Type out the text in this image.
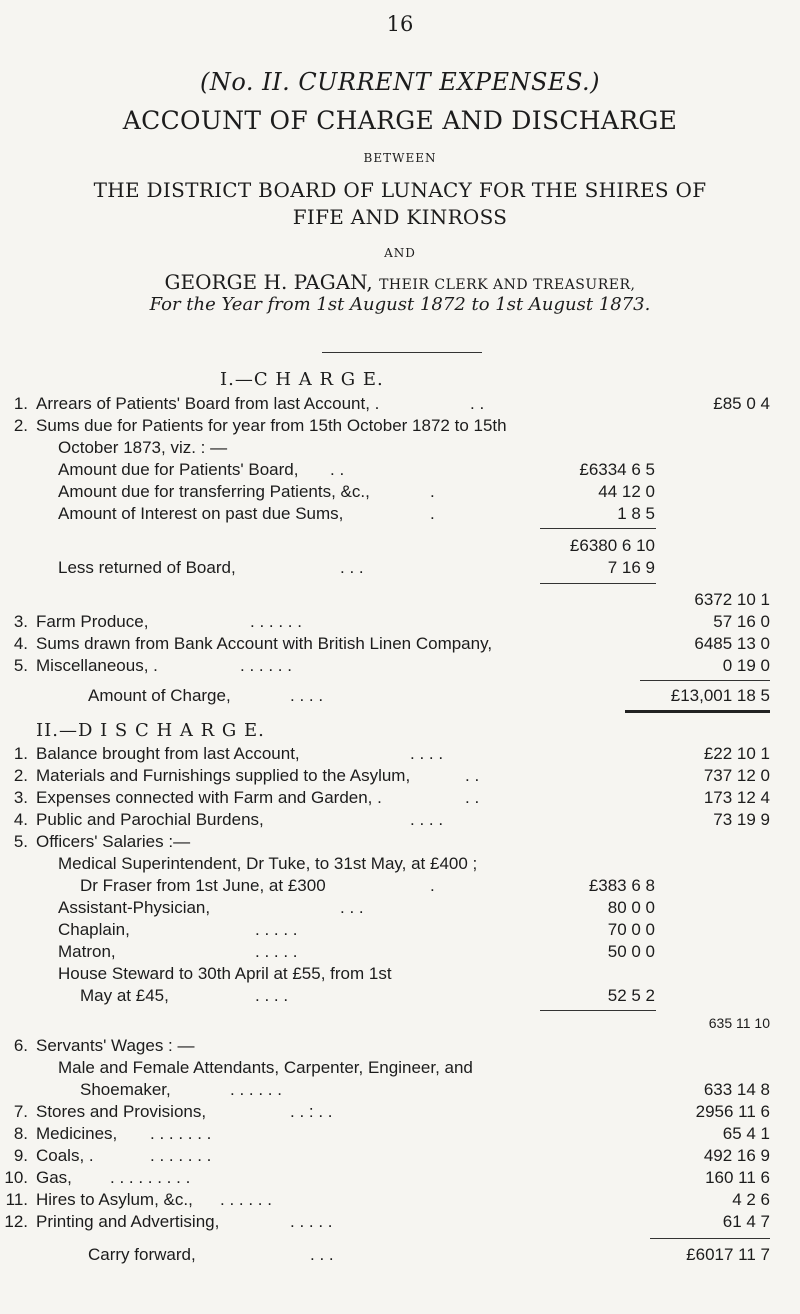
16
(No. II. CURRENT EXPENSES.)
ACCOUNT OF CHARGE AND DISCHARGE
BETWEEN
THE DISTRICT BOARD OF LUNACY FOR THE SHIRES OF
FIFE AND KINROSS
AND
GEORGE H. PAGAN, THEIR CLERK AND TREASURER,
For the Year from 1st August 1872 to 1st August 1873.
I.—C H A R G E.
1. Arrears of Patients' Board from last Account, .	. .	£85 0 4
2. Sums due for Patients for year from 15th October 1872 to 15th
October 1873, viz. : —
Amount due for Patients' Board, . .	£6334 6 5
Amount due for transferring Patients, &c.,	.	44 12 0
Amount of Interest on past due Sums,	.	1 8 5
£6380 6 10
Less returned of Board,	. . .	7 16 9
6372 10 1
3. Farm Produce,	. . . . . .	57 16 0
4. Sums drawn from Bank Account with British Linen Company,	6485 13 0
5. Miscellaneous, .	. . . . . .	0 19 0
Amount of Charge,	. . . .	£13,001 18 5
II.—D I S C H A R G E.
1. Balance brought from last Account,	. . . .	£22 10 1
2. Materials and Furnishings supplied to the Asylum,	. .	737 12 0
3. Expenses connected with Farm and Garden, .	. .	173 12 4
4. Public and Parochial Burdens,	. . . .	73 19 9
5. Officers' Salaries :—
Medical Superintendent, Dr Tuke, to 31st May, at £400 ;
Dr Fraser from 1st June, at £300	.	£383 6 8
Assistant-Physician,	. . .	80 0 0
Chaplain,	. . . . .	70 0 0
Matron,	. . . . .	50 0 0
House Steward to 30th April at £55, from 1st
May at £45,	. . . .	52 5 2
635 11 10
6. Servants' Wages : —
Male and Female Attendants, Carpenter, Engineer, and
Shoemaker,	. . . . . .	633 14 8
7. Stores and Provisions,	. . : . .	2956 11 6
8. Medicines, . . . . . . .	65 4 1
9. Coals, .	. . . . . . .	492 16 9
10. Gas, . . . . . . . . .	160 11 6
11. Hires to Asylum, &c., . . . . . .	4 2 6
12. Printing and Advertising,	. . . . .	61 4 7
Carry forward,	. . .	£6017 11 7
